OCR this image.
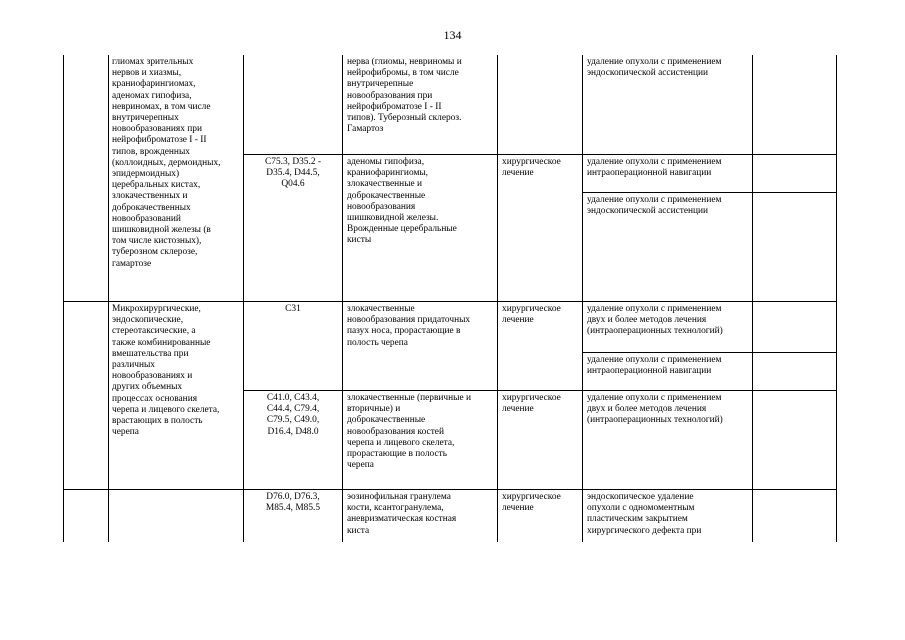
134
глиомах зрительных
нервов и хиазмы,
краниофарингиомах,
аденомах гипофиза,
невриномах, в том числе
внутричерепных
новообразованиях при
нейрофиброматозе I - II
типов, врожденных
(коллоидных, дермоидных,
эпидермоидных)
церебральных кистах,
злокачественных и
доброкачественных
новообразований
шишковидной железы (в
том числе кистозных),
туберозном склерозе,
гамартозе
нерва (глиомы, невриномы и
нейрофибромы, в том числе
внутричерепные
новообразования при
нейрофиброматозе I - II
типов). Туберозный склероз.
Гамартоз
удаление опухоли с применением
эндоскопической ассистенции
C75.3, D35.2 -
D35.4, D44.5,
Q04.6
аденомы гипофиза,
краниофарингиомы,
злокачественные и
доброкачественные
новообразования
шишковидной железы.
Врожденные церебральные
кисты
хирургическое
лечение
удаление опухоли с применением
интраоперационной навигации
удаление опухоли с применением
эндоскопической ассистенции
Микрохирургические,
эндоскопические,
стереотаксические, а
также комбинированные
вмешательства при
различных
новообразованиях и
других объемных
процессах основания
черепа и лицевого скелета,
врастающих в полость
черепа
C31	злокачественные
новообразования придаточных
пазух носа, прорастающие в
полость черепа
хирургическое
лечение
удаление опухоли с применением
двух и более методов лечения
(интраоперационных технологий)
удаление опухоли с применением
интраоперационной навигации
C41.0, C43.4,
C44.4, C79.4,
C79.5, C49.0,
D16.4, D48.0
злокачественные (первичные и
вторичные) и
доброкачественные
новообразования костей
черепа и лицевого скелета,
прорастающие в полость
черепа
хирургическое
лечение
удаление опухоли с применением
двух и более методов лечения
(интраоперационных технологий)
D76.0, D76.3,
M85.4, M85.5
эозинофильная гранулема
кости, ксантогранулема,
аневризматическая костная
киста
хирургическое
лечение
эндоскопическое удаление
опухоли с одномоментным
пластическим закрытием
хирургического дефекта при
